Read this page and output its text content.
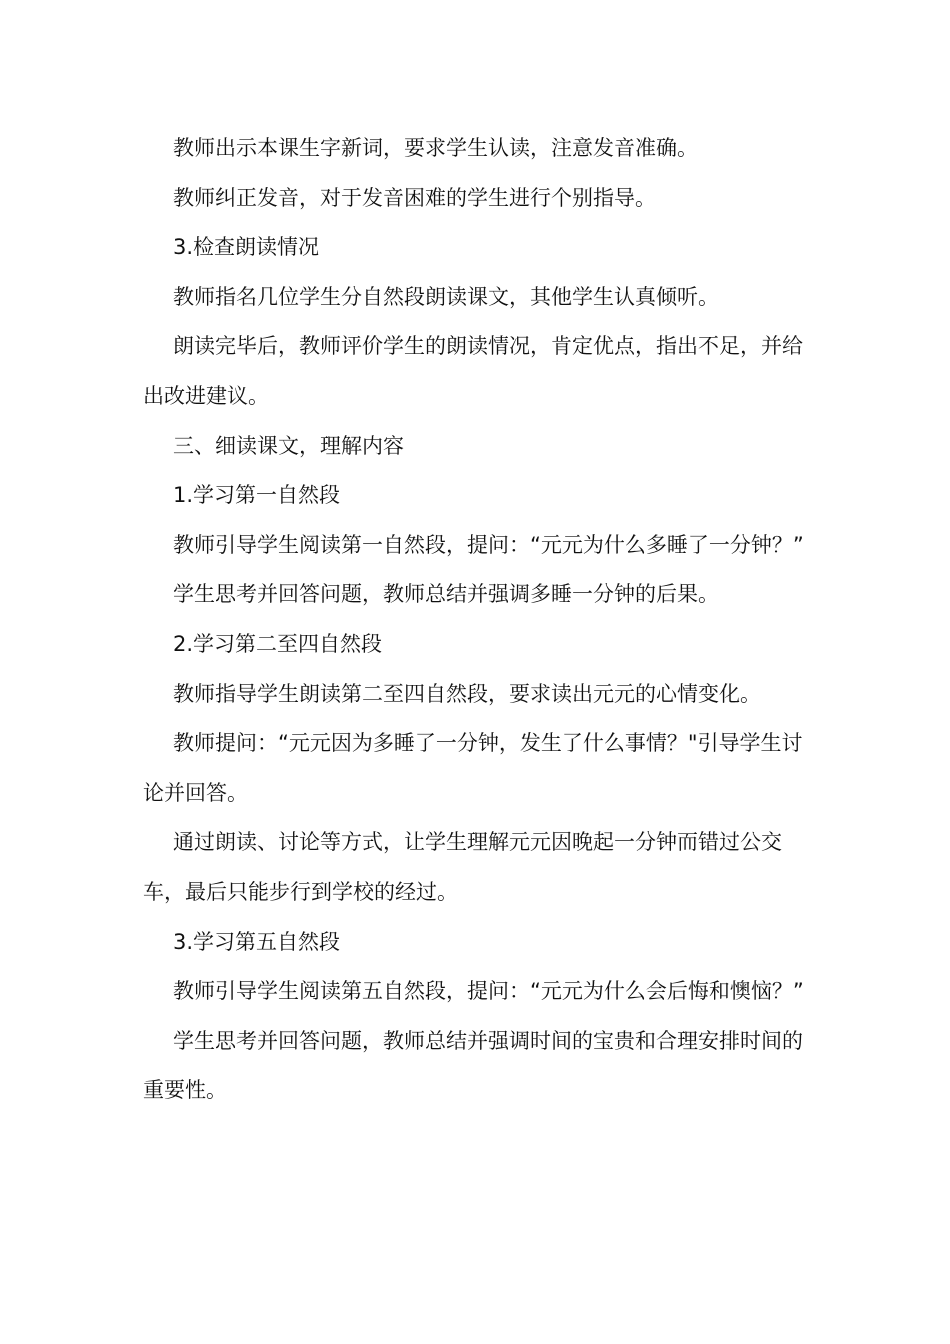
教师出示本课生字新词，要求学生认读，注意发音准确。

教师纠正发音，对于发音困难的学生进行个别指导。

3.检查朗读情况

教师指名几位学生分自然段朗读课文，其他学生认真倾听。

朗读完毕后，教师评价学生的朗读情况，肯定优点，指出不足，并给出改进建议。

三、细读课文，理解内容

1.学习第一自然段

教师引导学生阅读第一自然段，提问：“元元为什么多睡了一分钟？”

学生思考并回答问题，教师总结并强调多睡一分钟的后果。

2.学习第二至四自然段

教师指导学生朗读第二至四自然段，要求读出元元的心情变化。

教师提问：“元元因为多睡了一分钟，发生了什么事情？"引导学生讨论并回答。

通过朗读、讨论等方式，让学生理解元元因晚起一分钟而错过公交车，最后只能步行到学校的经过。

3.学习第五自然段

教师引导学生阅读第五自然段，提问：“元元为什么会后悔和懊恼？”

学生思考并回答问题，教师总结并强调时间的宝贵和合理安排时间的重要性。
